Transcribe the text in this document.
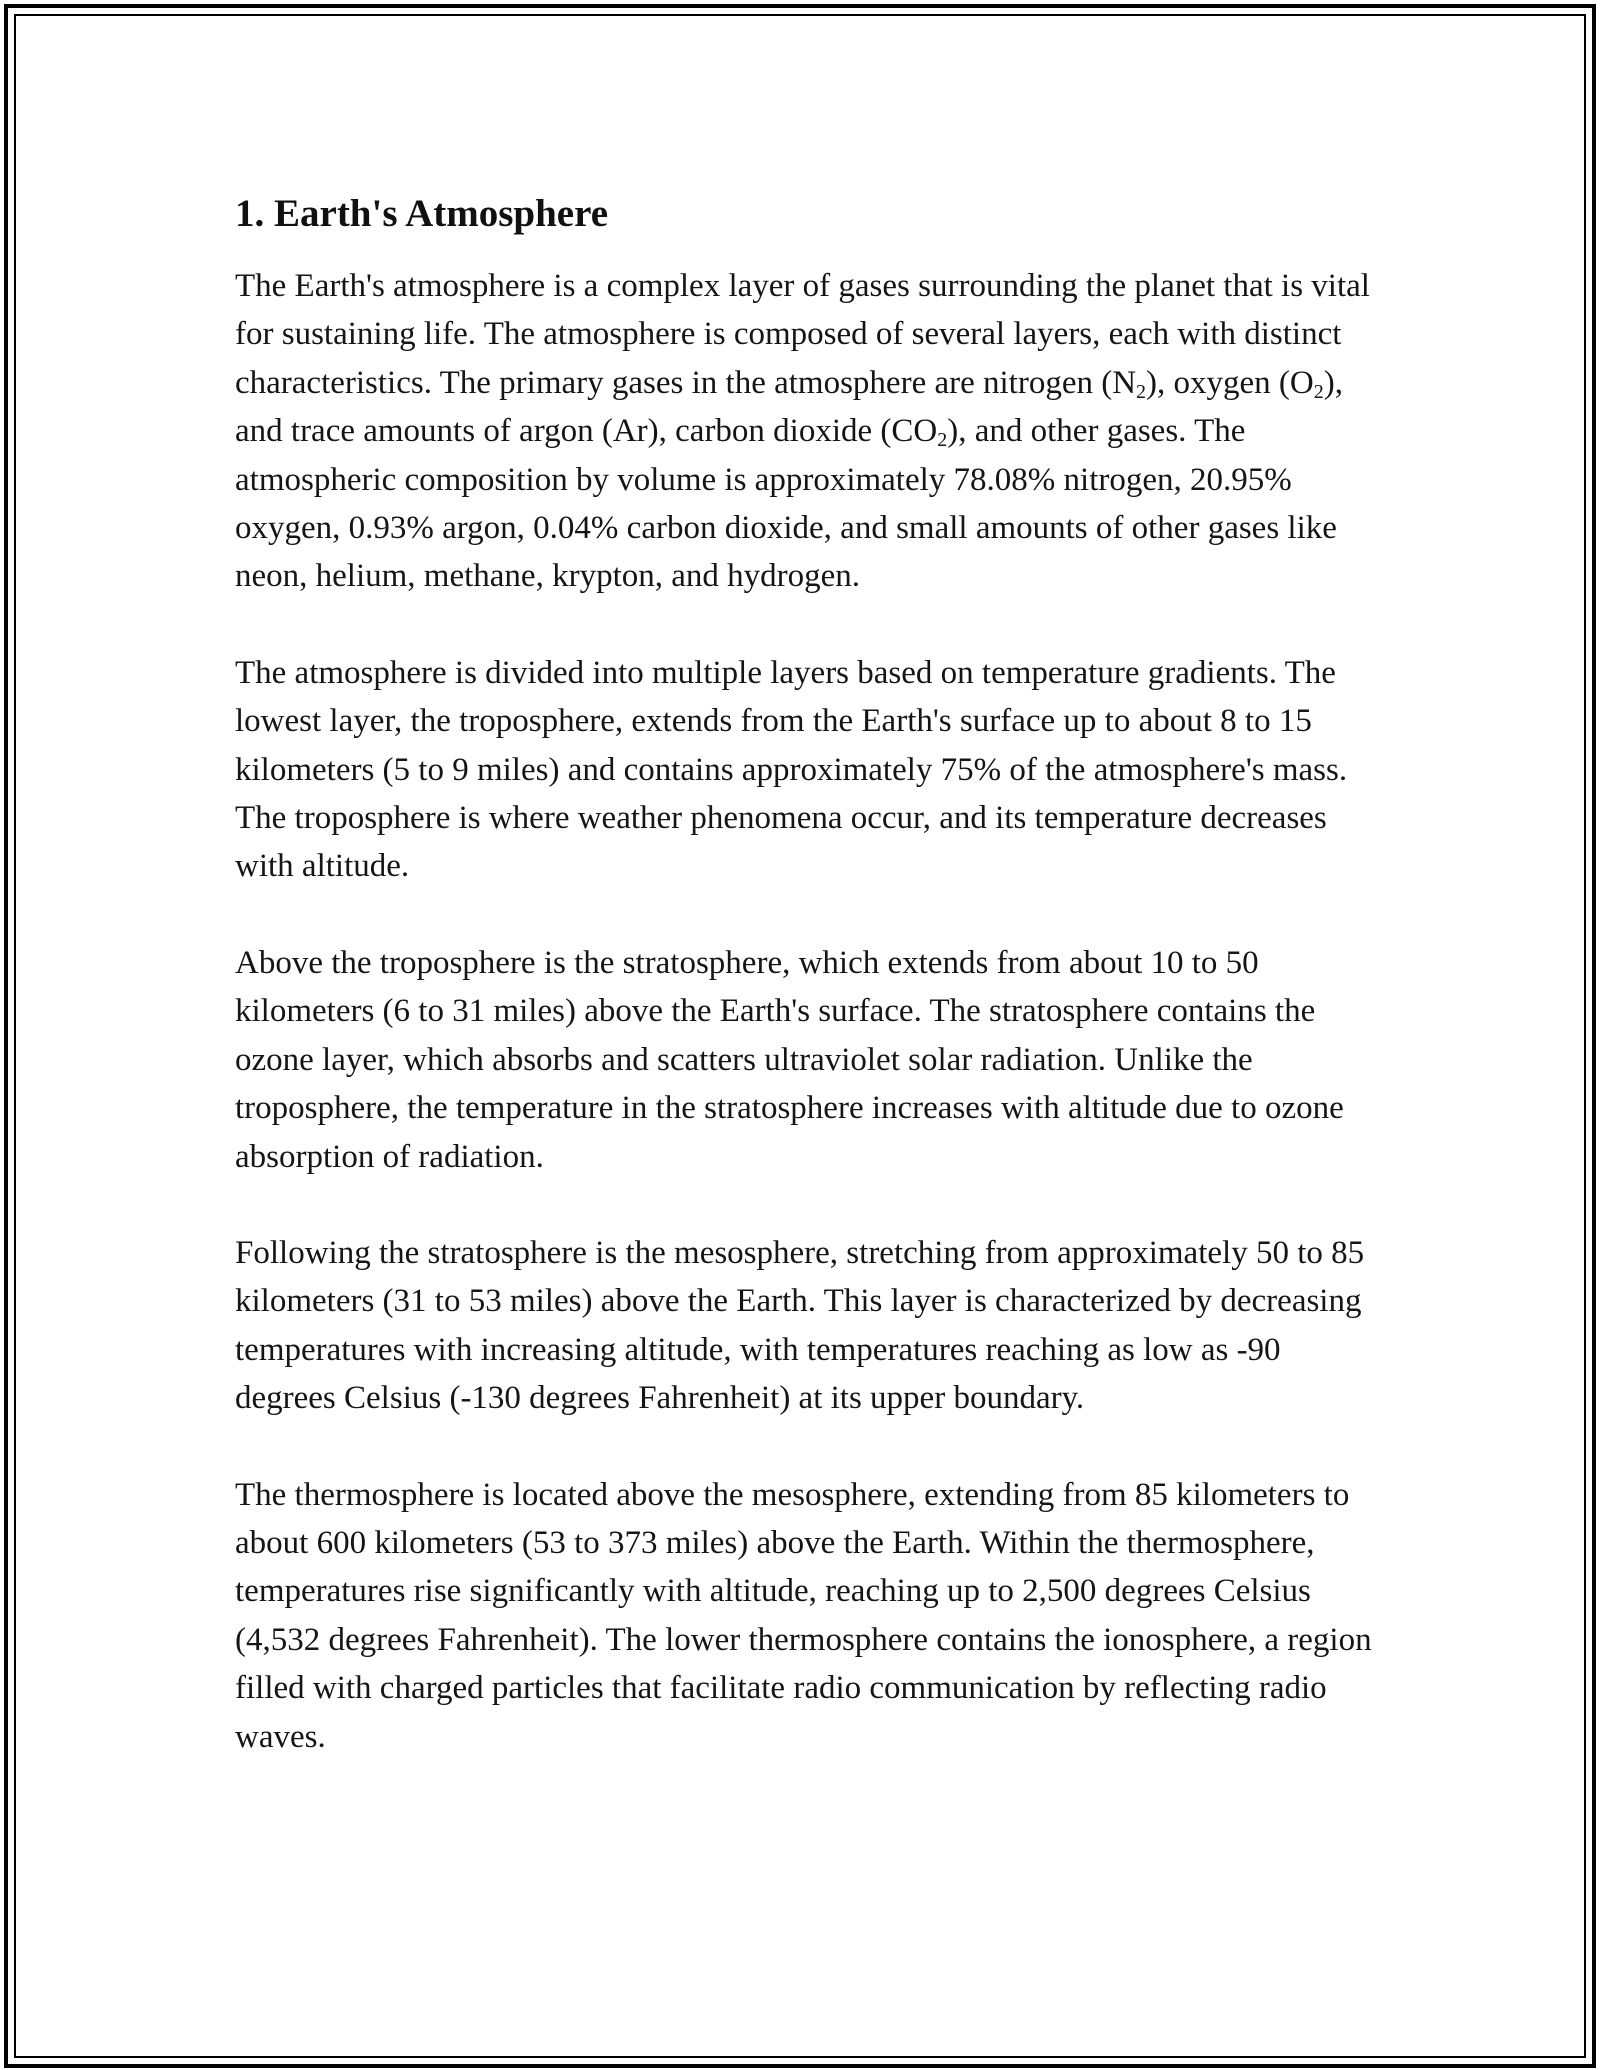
1. Earth's Atmosphere

The Earth's atmosphere is a complex layer of gases surrounding the planet that is vital for sustaining life. The atmosphere is composed of several layers, each with distinct characteristics. The primary gases in the atmosphere are nitrogen $(N_2)$, oxygen $(O_2)$, and trace amounts of argon (Ar), carbon dioxide $(CO_2)$, and other gases. The atmospheric composition by volume is approximately 78.08% nitrogen, 20.95% oxygen, 0.93% argon, 0.04% carbon dioxide, and small amounts of other gases like neon, helium, methane, krypton, and hydrogen.

The atmosphere is divided into multiple layers based on temperature gradients. The lowest layer, the troposphere, extends from the Earth's surface up to about 8 to 15 kilometers (5 to 9 miles) and contains approximately 75% of the atmosphere's mass. The troposphere is where weather phenomena occur, and its temperature decreases with altitude.

Above the troposphere is the stratosphere, which extends from about 10 to 50 kilometers (6 to 31 miles) above the Earth's surface. The stratosphere contains the ozone layer, which absorbs and scatters ultraviolet solar radiation. Unlike the troposphere, the temperature in the stratosphere increases with altitude due to ozone absorption of radiation.

Following the stratosphere is the mesosphere, stretching from approximately 50 to 85 kilometers (31 to 53 miles) above the Earth. This layer is characterized by decreasing temperatures with increasing altitude, with temperatures reaching as low as -90 degrees Celsius (-130 degrees Fahrenheit) at its upper boundary.

The thermosphere is located above the mesosphere, extending from 85 kilometers to about 600 kilometers (53 to 373 miles) above the Earth. Within the thermosphere, temperatures rise significantly with altitude, reaching up to 2,500 degrees Celsius (4,532 degrees Fahrenheit). The lower thermosphere contains the ionosphere, a region filled with charged particles that facilitate radio communication by reflecting radio waves.
